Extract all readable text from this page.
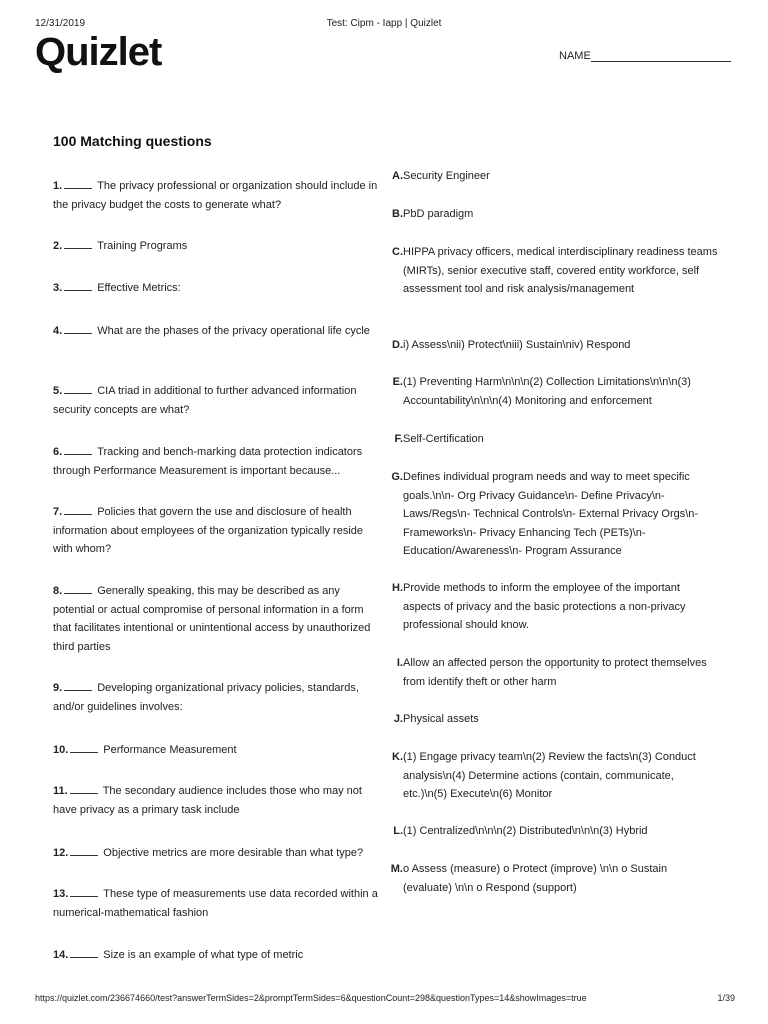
12/31/2019	Test: Cipm - Iapp | Quizlet
Quizlet	NAME
100 Matching questions
1.	The privacy professional or organization should include in the privacy budget the costs to generate what?
2.	Training Programs
3.	Effective Metrics:
4.	What are the phases of the privacy operational life cycle
5.	CIA triad in additional to further advanced information security concepts are what?
6.	Tracking and bench-marking data protection indicators through Performance Measurement is important because...
7.	Policies that govern the use and disclosure of health information about employees of the organization typically reside with whom?
8.	Generally speaking, this may be described as any potential or actual compromise of personal information in a form that facilitates intentional or unintentional access by unauthorized third parties
9.	Developing organizational privacy policies, standards, and/or guidelines involves:
10.	Performance Measurement
11.	The secondary audience includes those who may not have privacy as a primary task include
12.	Objective metrics are more desirable than what type?
13.	These type of measurements use data recorded within a numerical-mathematical fashion
14.	Size is an example of what type of metric
A. Security Engineer
B. PbD paradigm
C. HIPPA privacy officers, medical interdisciplinary readiness teams (MIRTs), senior executive staff, covered entity workforce, self assessment tool and risk analysis/management
D. i) Assess\nii) Protect\niii) Sustain\niv) Respond
E. (1) Preventing Harm\n\n\n(2) Collection Limitations\n\n\n(3) Accountability\n\n\n(4) Monitoring and enforcement
F. Self-Certification
G. Defines individual program needs and way to meet specific goals.\n\n- Org Privacy Guidance\n- Define Privacy\n-Laws/Regs\n- Technical Controls\n- External Privacy Orgs\n-Frameworks\n- Privacy Enhancing Tech (PETs)\n-Education/Awareness\n- Program Assurance
H. Provide methods to inform the employee of the important aspects of privacy and the basic protections a non-privacy professional should know.
I. Allow an affected person the opportunity to protect themselves from identify theft or other harm
J. Physical assets
K. (1) Engage privacy team\n(2) Review the facts\n(3) Conduct analysis\n(4) Determine actions (contain, communicate, etc.)\n(5) Execute\n(6) Monitor
L. (1) Centralized\n\n\n(2) Distributed\n\n\n(3) Hybrid
M. o Assess (measure) o Protect (improve) \n\n o Sustain (evaluate) \n\n o Respond (support)
https://quizlet.com/236674660/test?answerTermSides=2&promptTermSides=6&questionCount=298&questionTypes=14&showImages=true	1/39
